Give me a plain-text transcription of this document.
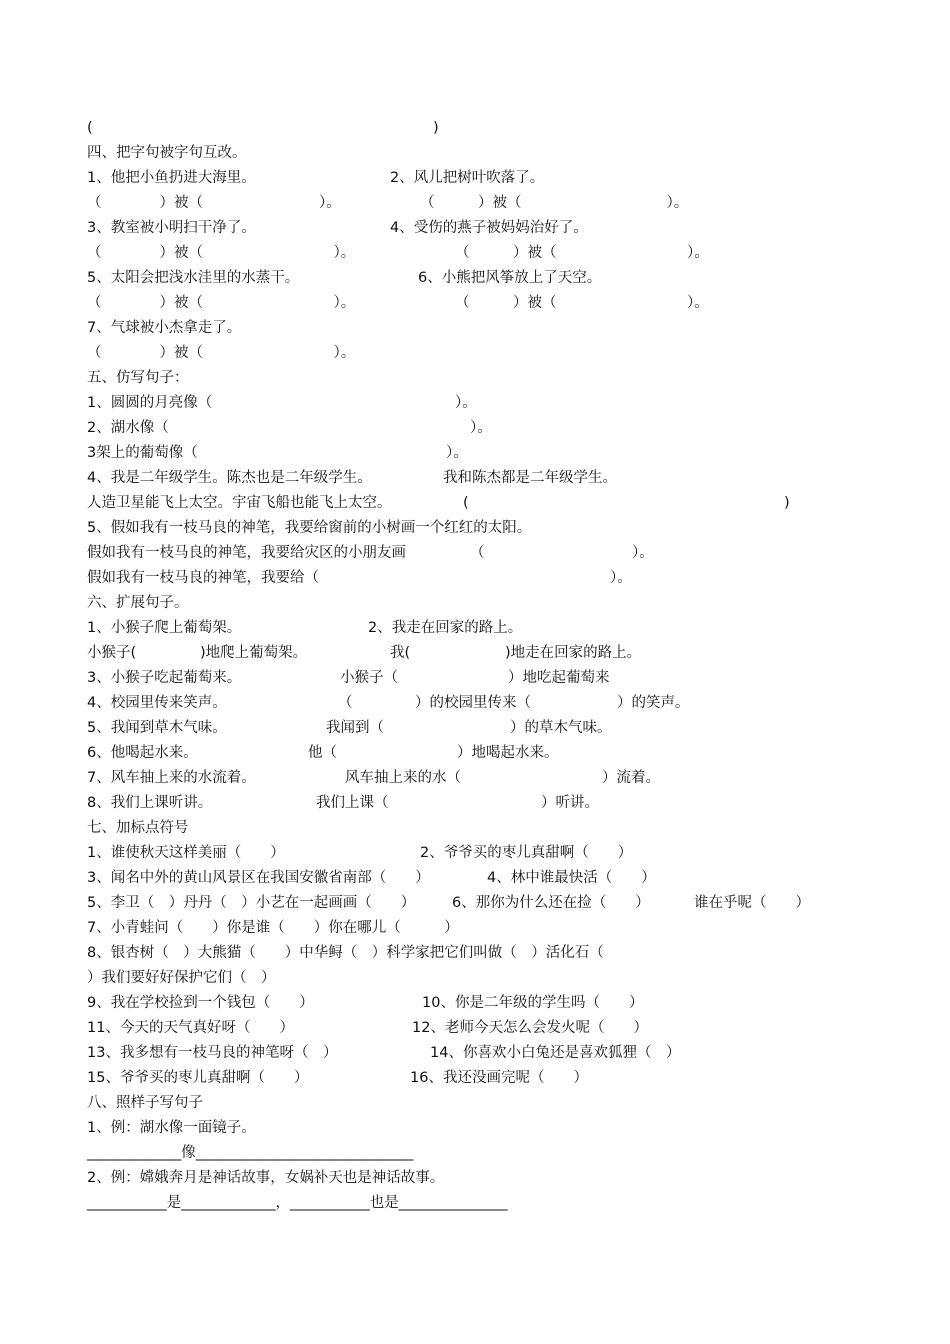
(	)
四、把字句被字句互改。
1、他把小鱼扔进大海里。	2、风儿把树叶吹落了。
（　　　　）被（　　　　　　　　）。	（　　　）被（　　　　　　　　　　）。
3、教室被小明扫干净了。	4、受伤的燕子被妈妈治好了。
（　　　　）被（　　　　　　　　　）。	（　　　）被（　　　　　　　　　）。
5、太阳会把浅水洼里的水蒸干。	6、小熊把风筝放上了天空。
（　　　　）被（　　　　　　　　　）。	（　　　）被（　　　　　　　　　）。
7、气球被小杰拿走了。
（　　　　）被（　　　　　　　　　）。
五、仿写句子：
1、圆圆的月亮像（	）。
2、湖水像（	）。
3架上的葡萄像（	）。
4、我是二年级学生。陈杰也是二年级学生。	我和陈杰都是二年级学生。
人造卫星能飞上太空。宇宙飞船也能飞上太空。	(	)
5、假如我有一枝马良的神笔，我要给窗前的小树画一个红红的太阳。
假如我有一枝马良的神笔，我要给灾区的小朋友画	（	）。
假如我有一枝马良的神笔，我要给（	）。
六、扩展句子。
1、小猴子爬上葡萄架。	2、我走在回家的路上。
小猴子(	)地爬上葡萄架。	我(	)地走在回家的路上。
3、小猴子吃起葡萄来。	小猴子（	）地吃起葡萄来
4、校园里传来笑声。	（	）的校园里传来（	）的笑声。
5、我闻到草木气味。	我闻到（	）的草木气味。
6、他喝起水来。	他（	）地喝起水来。
7、风车抽上来的水流着。	风车抽上来的水（	）流着。
8、我们上课听讲。	我们上课（	）听讲。
七、加标点符号
1、谁使秋天这样美丽（　　）	2、爷爷买的枣儿真甜啊（　　）
3、闻名中外的黄山风景区在我国安徽省南部（　　）	4、林中谁最快活（　　）
5、李卫（　）丹丹（　）小艺在一起画画（　　）	6、那你为什么还在捡（　　）	谁在乎呢（　　）
7、小青蛙问（　　）你是谁（　　）你在哪儿（　　　）
8、银杏树（　）大熊猫（　　）中华鲟（　）科学家把它们叫做（　）活化石（
）我们要好好保护它们（　）
9、我在学校捡到一个钱包（　　）	10、你是二年级的学生吗（　　）
11、今天的天气真好呀（　　）	12、老师今天怎么会发火呢（　　）
13、我多想有一枝马良的神笔呀（　）	14、你喜欢小白兔还是喜欢狐狸（　）
15、爷爷买的枣儿真甜啊（　　）	16、我还没画完呢（　　）
八、照样子写句子
1、例：湖水像一面镜子。
_____________像______________________________
2、例：嫦娥奔月是神话故事，女娲补天也是神话故事。
___________是_____________，___________也是_______________
